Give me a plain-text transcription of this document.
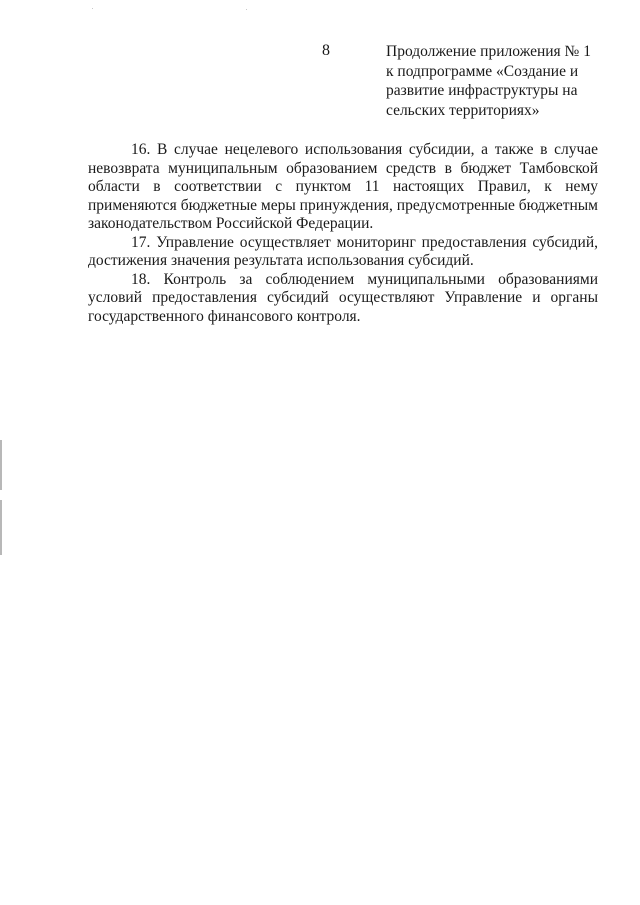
8	Продолжение приложения № 1
к подпрограмме «Создание и
развитие инфраструктуры на
сельских территориях»

16. В случае нецелевого использования субсидии, а также в случае невозврата муниципальным образованием средств в бюджет Тамбовской области в соответствии с пунктом 11 настоящих Правил, к нему применяются бюджетные меры принуждения, предусмотренные бюджетным законодательством Российской Федерации.

17. Управление осуществляет мониторинг предоставления субсидий, достижения значения результата использования субсидий.

18. Контроль за соблюдением муниципальными образованиями условий предоставления субсидий осуществляют Управление и органы государственного финансового контроля.
